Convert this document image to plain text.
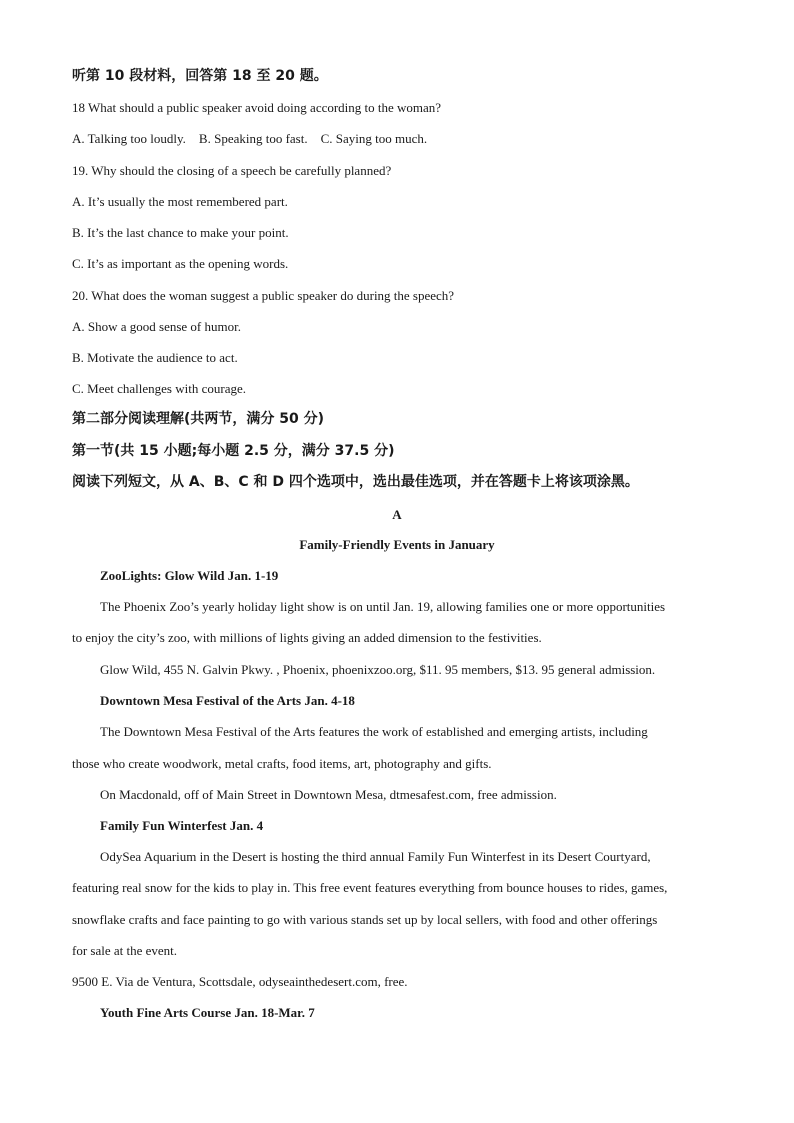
听第 10 段材料，回答第 18 至 20 题。
18 What should a public speaker avoid doing according to the woman?
A. Talking too loudly.    B. Speaking too fast.    C. Saying too much.
19. Why should the closing of a speech be carefully planned?
A. It’s usually the most remembered part.
B. It’s the last chance to make your point.
C. It’s as important as the opening words.
20. What does the woman suggest a public speaker do during the speech?
A. Show a good sense of humor.
B. Motivate the audience to act.
C. Meet challenges with courage.
第二部分阅读理解(共两节，满分 50 分)
第一节(共 15 小题;每小题 2.5 分，满分 37.5 分)
阅读下列短文，从 A、B、C 和 D 四个选项中，选出最佳选项，并在答题卡上将该项涂黑。
A
Family-Friendly Events in January
ZooLights: Glow Wild Jan. 1-19
The Phoenix Zoo’s yearly holiday light show is on until Jan. 19, allowing families one or more opportunities
to enjoy the city’s zoo, with millions of lights giving an added dimension to the festivities.
Glow Wild, 455 N. Galvin Pkwy. , Phoenix, phoenixzoo.org, $11. 95 members, $13. 95 general admission.
Downtown Mesa Festival of the Arts Jan. 4-18
The Downtown Mesa Festival of the Arts features the work of established and emerging artists, including
those who create woodwork, metal crafts, food items, art, photography and gifts.
On Macdonald, off of Main Street in Downtown Mesa, dtmesafest.com, free admission.
Family Fun Winterfest Jan. 4
OdySea Aquarium in the Desert is hosting the third annual Family Fun Winterfest in its Desert Courtyard,
featuring real snow for the kids to play in. This free event features everything from bounce houses to rides, games,
snowflake crafts and face painting to go with various stands set up by local sellers, with food and other offerings
for sale at the event.
9500 E. Via de Ventura, Scottsdale, odyseainthedesert.com, free.
Youth Fine Arts Course Jan. 18-Mar. 7
